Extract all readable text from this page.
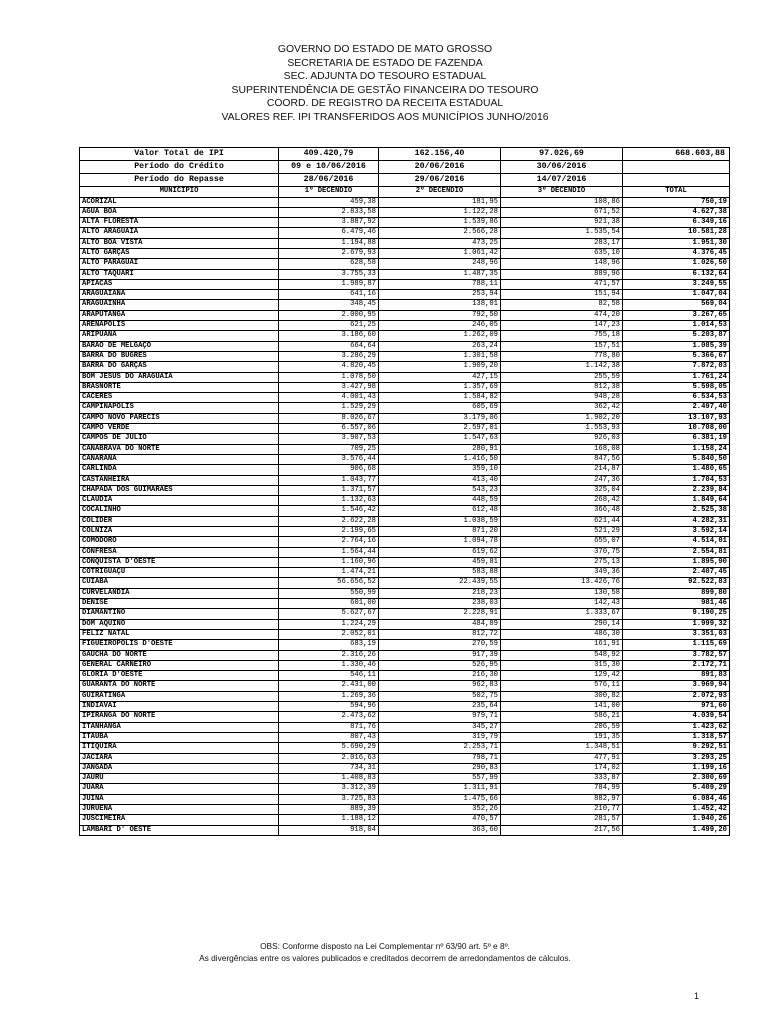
GOVERNO DO ESTADO DE MATO GROSSO
SECRETARIA DE ESTADO DE FAZENDA
SEC. ADJUNTA DO TESOURO ESTADUAL
SUPERINTENDÊNCIA DE GESTÃO FINANCEIRA DO TESOURO
COORD. DE REGISTRO DA RECEITA ESTADUAL
VALORES REF. IPI TRANSFERIDOS AOS MUNICÍPIOS JUNHO/2016
Valor Total de IPI	409.420,79	162.156,40	97.026,69	668.603,88
Período do Crédito	09 e 10/06/2016	20/06/2016	30/06/2016	
Período do Repasse	28/06/2016	29/06/2016	14/07/2016	
MUNICÍPIO	1º DECÊNDIO	2º DECÊNDIO	3º DECÊNDIO	TOTAL
ACORIZAL	459,38	181,95	108,86	750,19
ÁGUA BOA	2.833,58	1.122,28	671,52	4.627,38
ALTA FLORESTA	3.887,92	1.539,86	921,38	6.349,16
ALTO ARAGUAIA	6.479,46	2.566,28	1.535,54	10.581,28
ALTO BOA VISTA	1.194,88	473,25	283,17	1.951,30
ALTO GARÇAS	2.679,93	1.061,42	635,10	4.376,45
ALTO PARAGUAI	628,58	248,96	148,96	1.026,50
ALTO TAQUARI	3.755,33	1.487,35	889,96	6.132,64
APIACÁS	1.989,87	788,11	471,57	3.249,55
ARAGUAIANA	641,16	253,94	151,94	1.047,04
ARAGUAINHA	348,45	138,01	82,58	569,04
ARAPUTANGA	2.000,95	792,50	474,20	3.267,65
ARENÁPOLIS	621,25	246,05	147,23	1.014,53
ARIPUANÃ	3.186,60	1.262,09	755,18	5.203,87
BARÃO DE MELGAÇO	664,64	263,24	157,51	1.085,39
BARRA DO BUGRES	3.286,29	1.301,58	778,80	5.366,67
BARRA DO GARÇAS	4.820,45	1.909,20	1.142,38	7.872,03
BOM JESUS DO ARAGUAIA	1.078,50	427,15	255,59	1.761,24
BRASNORTE	3.427,98	1.357,69	812,38	5.598,05
CÁCERES	4.001,43	1.584,82	948,28	6.534,53
CAMPINÁPOLIS	1.529,29	605,69	362,42	2.497,40
CAMPO NOVO PARECIS	8.026,67	3.179,06	1.902,20	13.107,93
CAMPO VERDE	6.557,06	2.597,01	1.553,93	10.708,00
CAMPOS DE JÚLIO	3.907,53	1.547,63	926,03	6.381,19
CANABRAVA DO NORTE	709,25	280,91	168,08	1.158,24
CANARANA	3.576,44	1.416,50	847,56	5.840,50
CARLINDA	906,68	359,10	214,87	1.480,65
CASTANHEIRA	1.043,77	413,40	247,36	1.704,53
CHAPADA DOS GUIMARÃES	1.371,57	543,23	325,04	2.239,84
CLÁUDIA	1.132,63	448,59	268,42	1.849,64
COCALINHO	1.546,42	612,48	366,48	2.525,38
COLIDER	2.622,28	1.038,59	621,44	4.282,31
COLNIZA	2.199,65	871,20	521,29	3.592,14
COMODORO	2.764,16	1.094,78	655,07	4.514,01
CONFRESA	1.564,44	619,62	370,75	2.554,81
CONQUISTA D'OESTE	1.160,96	459,81	275,13	1.895,90
COTRIGUAÇU	1.474,21	583,88	349,36	2.407,45
CUIABÁ	56.656,52	22.439,55	13.426,76	92.522,83
CURVELÂNDIA	550,99	218,23	130,58	899,80
DENISE	601,00	238,03	142,43	981,46
DIAMANTINO	5.627,67	2.228,91	1.333,67	9.190,25
DOM AQUINO	1.224,29	484,89	290,14	1.999,32
FELIZ NATAL	2.052,01	812,72	486,30	3.351,03
FIGUEIRÓPOLIS D'OESTE	683,19	270,59	161,91	1.115,69
GAÚCHA DO NORTE	2.316,26	917,39	548,92	3.782,57
GENERAL CARNEIRO	1.330,46	526,95	315,30	2.172,71
GLÓRIA D'OESTE	546,11	216,30	129,42	891,83
GUARANTÃ DO NORTE	2.431,00	962,83	576,11	3.969,94
GUIRATINGA	1.269,36	502,75	300,82	2.072,93
INDIAVAÍ	594,96	235,64	141,00	971,60
IPIRANGA DO NORTE	2.473,62	979,71	586,21	4.039,54
ITANHANGÁ	871,76	345,27	206,59	1.423,62
ITAÚBA	807,43	319,79	191,35	1.318,57
ITIQUIRA	5.690,29	2.253,71	1.348,51	9.292,51
JACIARA	2.016,63	798,71	477,91	3.293,25
JANGADA	734,31	290,83	174,02	1.199,16
JAURU	1.408,83	557,99	333,87	2.300,69
JUARA	3.312,39	1.311,91	784,99	5.409,29
JUINA	3.725,83	1.475,66	882,97	6.084,46
JURUENA	889,39	352,26	210,77	1.452,42
JUSCIMEIRA	1.188,12	470,57	281,57	1.940,26
LAMBARI D' OESTE	918,04	363,60	217,56	1.499,20
OBS: Conforme disposto na Lei Complementar nº 63/90 art. 5º e 8º.
As divergências entre os valores publicados e creditados decorrem de arredondamentos de cálculos.
1
